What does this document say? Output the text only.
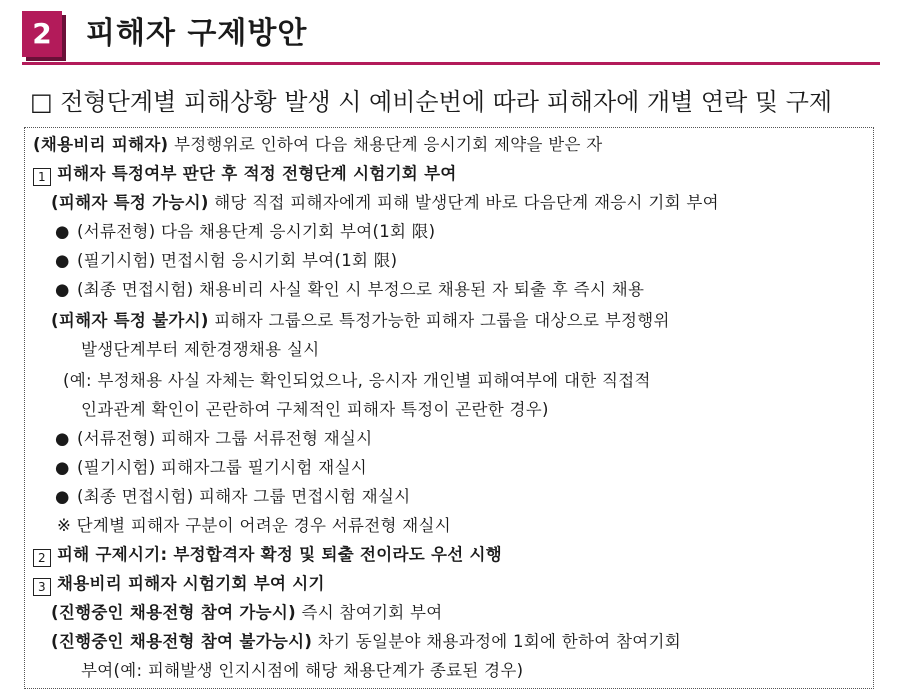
2	피해자 구제방안
□ 전형단계별 피해상황 발생 시 예비순번에 따라 피해자에 개별 연락 및 구제
(채용비리 피해자) 부정행위로 인하여 다음 채용단계 응시기회 제약을 받은 자
1 피해자 특정여부 판단 후 적정 전형단계 시험기회 부여
(피해자 특정 가능시) 해당 직접 피해자에게 피해 발생단계 바로 다음단계 재응시 기회 부여
● (서류전형) 다음 채용단계 응시기회 부여(1회 限)
● (필기시험) 면접시험 응시기회 부여(1회 限)
● (최종 면접시험) 채용비리 사실 확인 시 부정으로 채용된 자 퇴출 후 즉시 채용
(피해자 특정 불가시) 피해자 그룹으로 특정가능한 피해자 그룹을 대상으로 부정행위
발생단계부터 제한경쟁채용 실시
(예: 부정채용 사실 자체는 확인되었으나, 응시자 개인별 피해여부에 대한 직접적
인과관계 확인이 곤란하여 구체적인 피해자 특정이 곤란한 경우)
● (서류전형) 피해자 그룹 서류전형 재실시
● (필기시험) 피해자그룹 필기시험 재실시
● (최종 면접시험) 피해자 그룹 면접시험 재실시
※ 단계별 피해자 구분이 어려운 경우 서류전형 재실시
2 피해 구제시기: 부정합격자 확정 및 퇴출 전이라도 우선 시행
3 채용비리 피해자 시험기회 부여 시기
(진행중인 채용전형 참여 가능시) 즉시 참여기회 부여
(진행중인 채용전형 참여 불가능시) 차기 동일분야 채용과정에 1회에 한하여 참여기회
부여(예: 피해발생 인지시점에 해당 채용단계가 종료된 경우)
